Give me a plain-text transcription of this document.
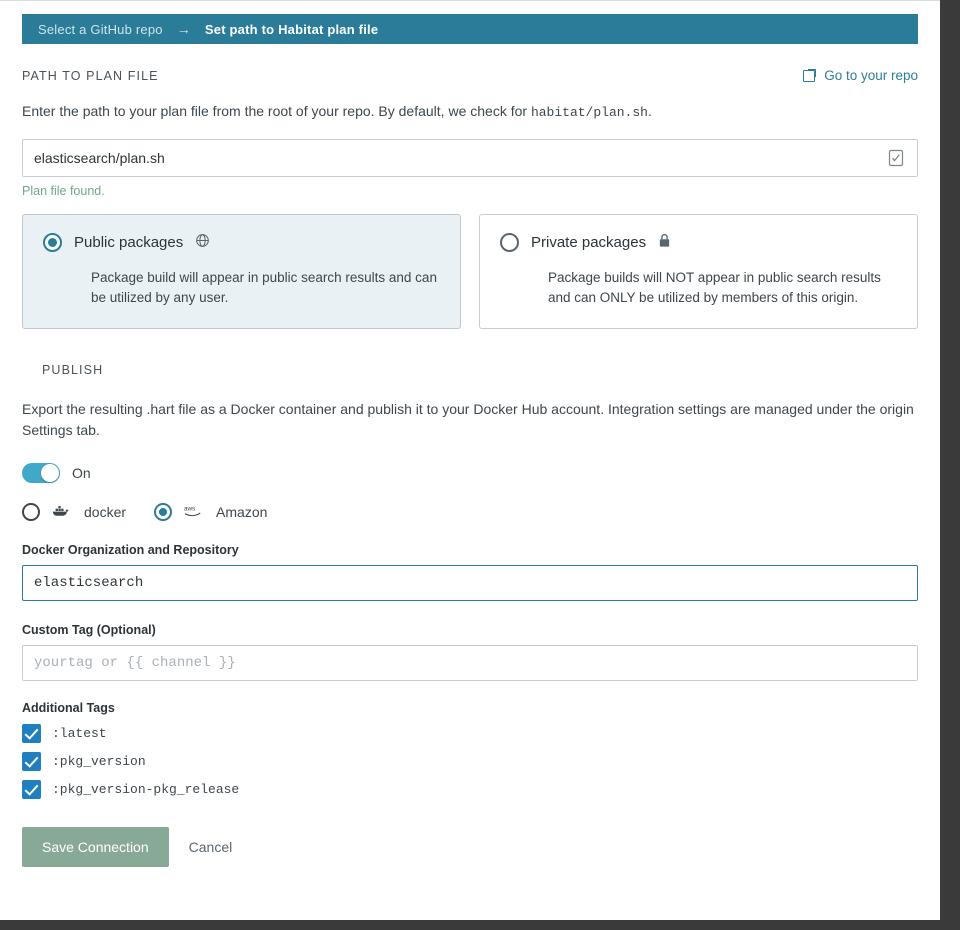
Select a GitHub repo → Set path to Habitat plan file
PATH TO PLAN FILE	Go to your repo
Enter the path to your plan file from the root of your repo. By default, we check for habitat/plan.sh.
elasticsearch/plan.sh
Plan file found.
Public packages
Package build will appear in public search results and can be utilized by any user.
Private packages
Package builds will NOT appear in public search results and can ONLY be utilized by members of this origin.
PUBLISH
Export the resulting .hart file as a Docker container and publish it to your Docker Hub account. Integration settings are managed under the origin Settings tab.
On
docker	aws Amazon
Docker Organization and Repository
elasticsearch
Custom Tag (Optional)
yourtag or {{ channel }}
Additional Tags
:latest
:pkg_version
:pkg_version-pkg_release
Save Connection	Cancel
